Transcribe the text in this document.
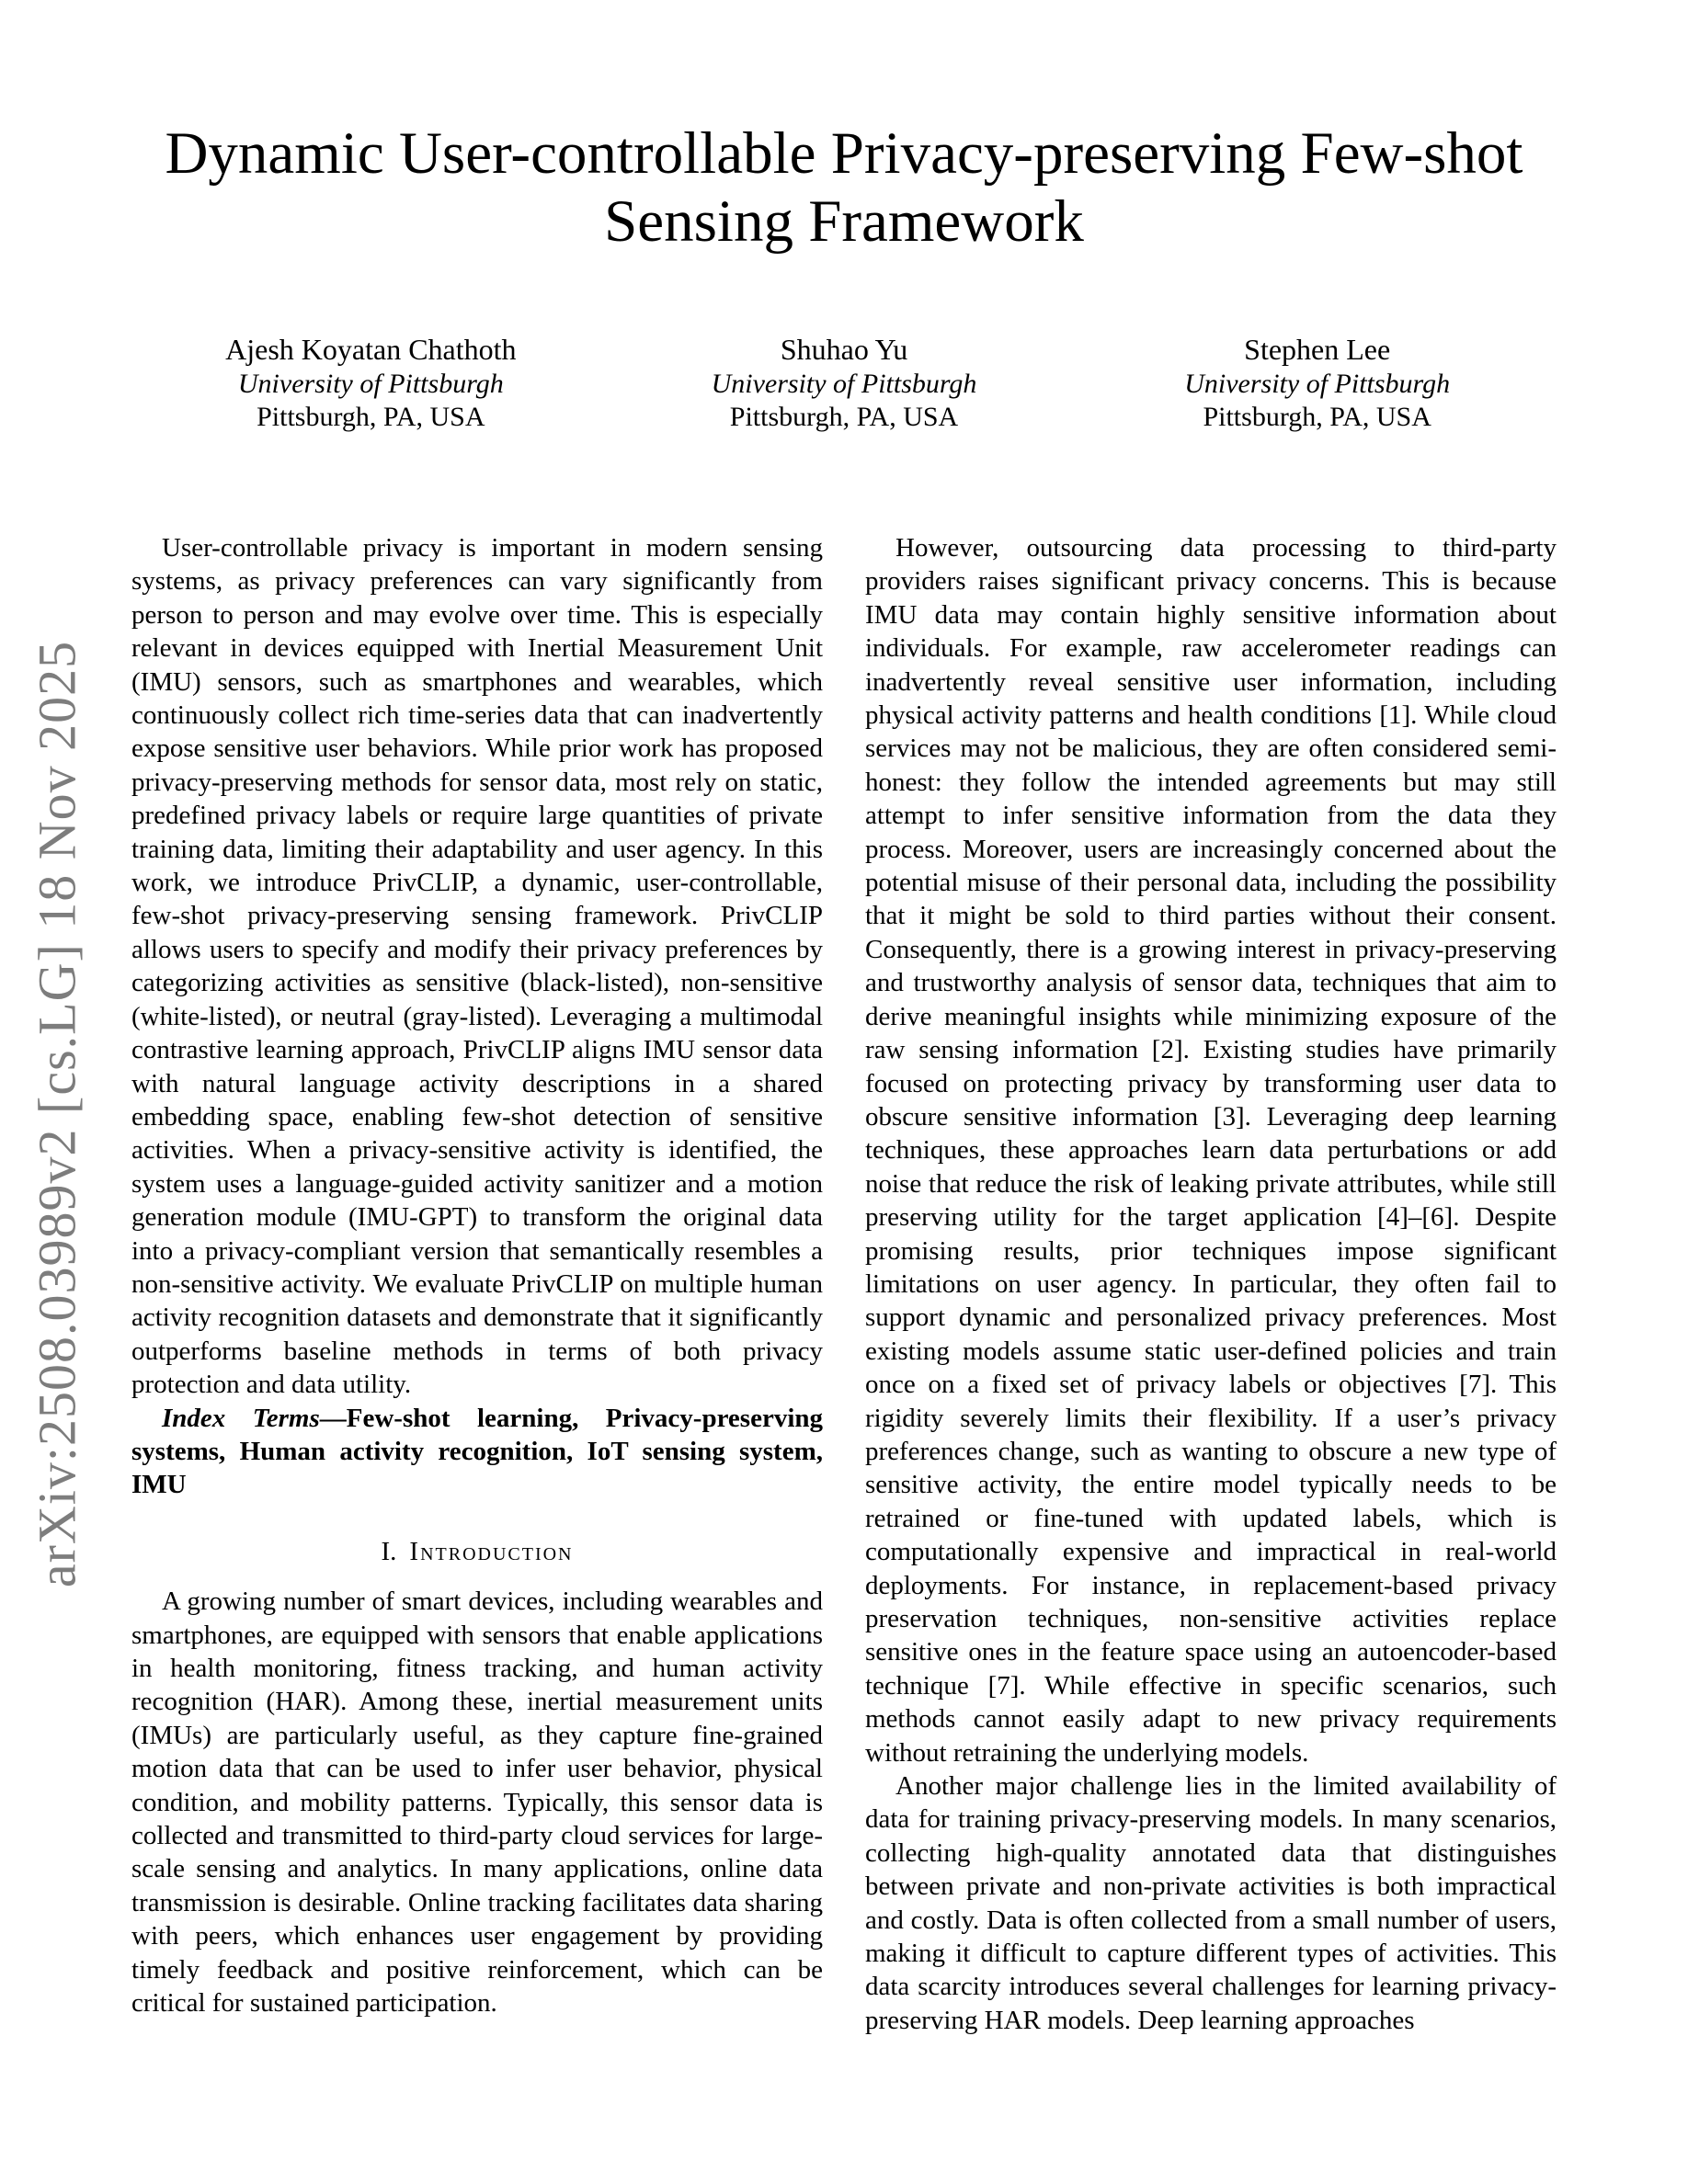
arXiv:2508.03989v2 [cs.LG] 18 Nov 2025
Dynamic User-controllable Privacy-preserving Few-shot Sensing Framework
Ajesh Koyatan Chathoth
University of Pittsburgh
Pittsburgh, PA, USA
Shuhao Yu
University of Pittsburgh
Pittsburgh, PA, USA
Stephen Lee
University of Pittsburgh
Pittsburgh, PA, USA

User-controllable privacy is important in modern sensing systems, as privacy preferences can vary significantly from person to person and may evolve over time. This is especially relevant in devices equipped with Inertial Measurement Unit (IMU) sensors, such as smartphones and wearables, which continuously collect rich time-series data that can inadvertently expose sensitive user behaviors. While prior work has proposed privacy-preserving methods for sensor data, most rely on static, predefined privacy labels or require large quantities of private training data, limiting their adaptability and user agency. In this work, we introduce PrivCLIP, a dynamic, user-controllable, few-shot privacy-preserving sensing framework. PrivCLIP allows users to specify and modify their privacy preferences by categorizing activities as sensitive (black-listed), non-sensitive (white-listed), or neutral (gray-listed). Leveraging a multimodal contrastive learning approach, PrivCLIP aligns IMU sensor data with natural language activity descriptions in a shared embedding space, enabling few-shot detection of sensitive activities. When a privacy-sensitive activity is identified, the system uses a language-guided activity sanitizer and a motion generation module (IMU-GPT) to transform the original data into a privacy-compliant version that semantically resembles a non-sensitive activity. We evaluate PrivCLIP on multiple human activity recognition datasets and demonstrate that it significantly outperforms baseline methods in terms of both privacy protection and data utility.

Index Terms—Few-shot learning, Privacy-preserving systems, Human activity recognition, IoT sensing system, IMU

I. Introduction

A growing number of smart devices, including wearables and smartphones, are equipped with sensors that enable applications in health monitoring, fitness tracking, and human activity recognition (HAR). Among these, inertial measurement units (IMUs) are particularly useful, as they capture fine-grained motion data that can be used to infer user behavior, physical condition, and mobility patterns. Typically, this sensor data is collected and transmitted to third-party cloud services for large-scale sensing and analytics. In many applications, online data transmission is desirable. Online tracking facilitates data sharing with peers, which enhances user engagement by providing timely feedback and positive reinforcement, which can be critical for sustained participation.

However, outsourcing data processing to third-party providers raises significant privacy concerns. This is because IMU data may contain highly sensitive information about individuals. For example, raw accelerometer readings can inadvertently reveal sensitive user information, including physical activity patterns and health conditions [1]. While cloud services may not be malicious, they are often considered semi-honest: they follow the intended agreements but may still attempt to infer sensitive information from the data they process. Moreover, users are increasingly concerned about the potential misuse of their personal data, including the possibility that it might be sold to third parties without their consent. Consequently, there is a growing interest in privacy-preserving and trustworthy analysis of sensor data, techniques that aim to derive meaningful insights while minimizing exposure of the raw sensing information [2]. Existing studies have primarily focused on protecting privacy by transforming user data to obscure sensitive information [3]. Leveraging deep learning techniques, these approaches learn data perturbations or add noise that reduce the risk of leaking private attributes, while still preserving utility for the target application [4]–[6]. Despite promising results, prior techniques impose significant limitations on user agency. In particular, they often fail to support dynamic and personalized privacy preferences. Most existing models assume static user-defined policies and train once on a fixed set of privacy labels or objectives [7]. This rigidity severely limits their flexibility. If a user’s privacy preferences change, such as wanting to obscure a new type of sensitive activity, the entire model typically needs to be retrained or fine-tuned with updated labels, which is computationally expensive and impractical in real-world deployments. For instance, in replacement-based privacy preservation techniques, non-sensitive activities replace sensitive ones in the feature space using an autoencoder-based technique [7]. While effective in specific scenarios, such methods cannot easily adapt to new privacy requirements without retraining the underlying models.

Another major challenge lies in the limited availability of data for training privacy-preserving models. In many scenarios, collecting high-quality annotated data that distinguishes between private and non-private activities is both impractical and costly. Data is often collected from a small number of users, making it difficult to capture different types of activities. This data scarcity introduces several challenges for learning privacy-preserving HAR models. Deep learning approaches
